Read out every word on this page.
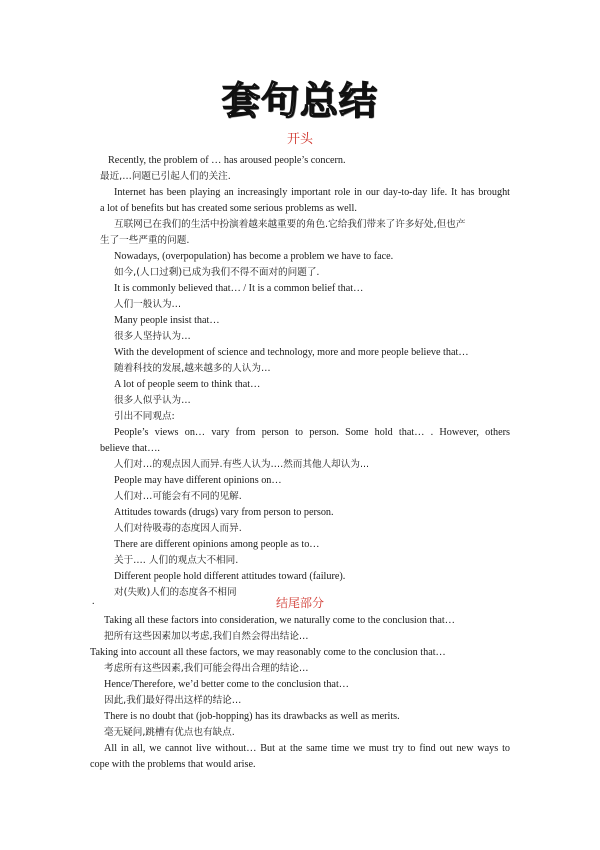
套句总结
开头
Recently, the problem of … has aroused people’s concern.
最近,…问题已引起人们的关注.
Internet has been playing an increasingly important role in our day-to-day life. It has brought
a lot of benefits but has created some serious problems as well.
互联网已在我们的生活中扮演着越来越重要的角色.它给我们带来了许多好处,但也产
生了一些严重的问题.
Nowadays, (overpopulation) has become a problem we have to face.
如今,(人口过剩)已成为我们不得不面对的问题了.
It is commonly believed that… / It is a common belief that…
人们一般认为…
Many people insist that…
很多人坚持认为…
With the development of science and technology, more and more people believe that…
随着科技的发展,越来越多的人认为…
A lot of people seem to think that…
很多人似乎认为…
引出不同观点:
People’s views on… vary from person to person. Some hold that… . However, others
believe that….
人们对…的观点因人而异.有些人认为….然而其他人却认为...
People may have different opinions on…
人们对…可能会有不同的见解.
Attitudes towards (drugs) vary from person to person.
人们对待吸毒的态度因人而异.
There are different opinions among people as to…
关于…. 人们的观点大不相同.
Different people hold different attitudes toward (failure).
对(失败)人们的态度各不相同
.	结尾部分
Taking all these factors into consideration, we naturally come to the conclusion that…
把所有这些因素加以考虑,我们自然会得出结论…
Taking into account all these factors, we may reasonably come to the conclusion that…
考虑所有这些因素,我们可能会得出合理的结论…
Hence/Therefore, we’d better come to the conclusion that…
因此,我们最好得出这样的结论…
There is no doubt that (job-hopping) has its drawbacks as well as merits.
毫无疑问,跳槽有优点也有缺点.
All in all, we cannot live without… But at the same time we must try to find out new ways to
cope with the problems that would arise.
